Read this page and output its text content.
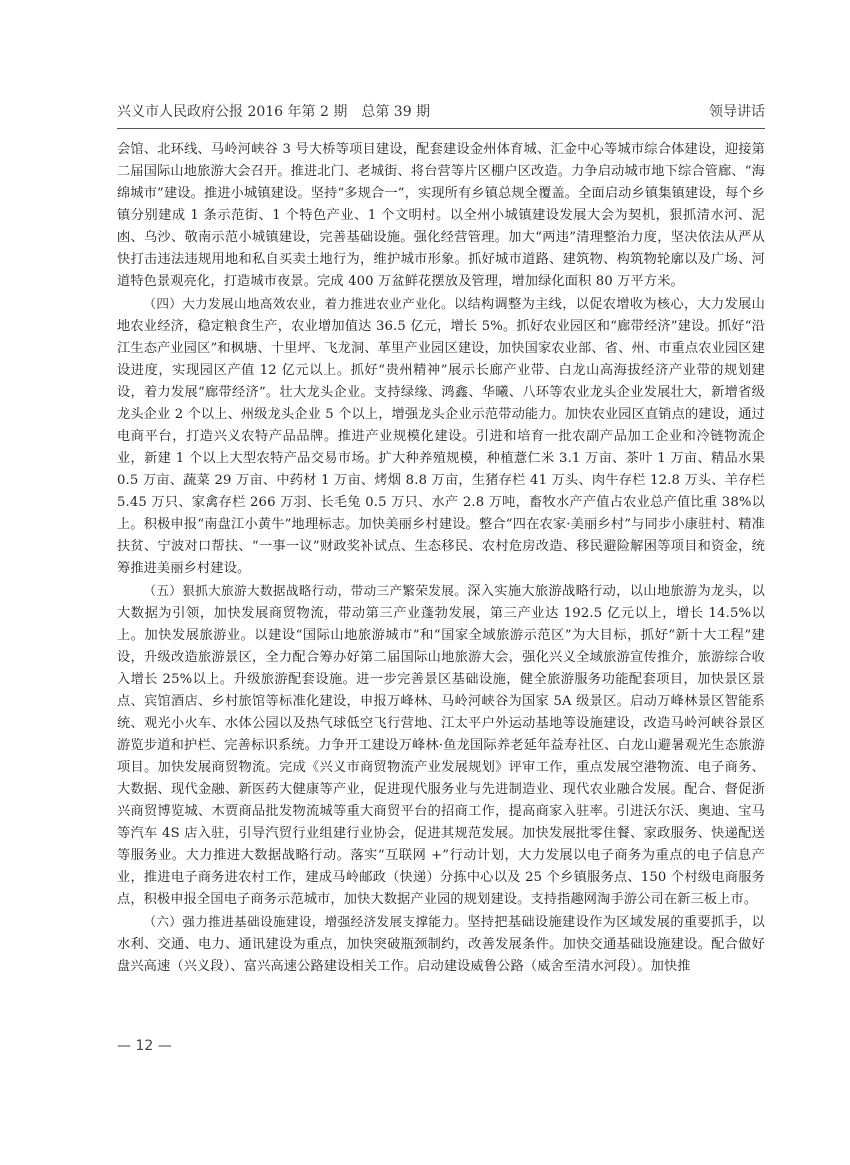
兴义市人民政府公报 2016 年第 2 期 总第 39 期	领导讲话

会馆、北环线、马岭河峡谷 3 号大桥等项目建设，配套建设金州体育城、汇金中心等城市综合体建设，迎接第二届国际山地旅游大会召开。推进北门、老城街、将台营等片区棚户区改造。力争启动城市地下综合管廊、“海绵城市”建设。推进小城镇建设。坚持“多规合一”，实现所有乡镇总规全覆盖。全面启动乡镇集镇建设，每个乡镇分别建成 1 条示范街、1 个特色产业、1 个文明村。以全州小城镇建设发展大会为契机，狠抓清水河、泥凼、乌沙、敬南示范小城镇建设，完善基础设施。强化经营管理。加大“两违”清理整治力度，坚决依法从严从快打击违法违规用地和私自买卖土地行为，维护城市形象。抓好城市道路、建筑物、构筑物轮廓以及广场、河道特色景观亮化，打造城市夜景。完成 400 万盆鲜花摆放及管理，增加绿化面积 80 万平方米。

（四）大力发展山地高效农业，着力推进农业产业化。以结构调整为主线，以促农增收为核心，大力发展山地农业经济，稳定粮食生产，农业增加值达 36.5 亿元，增长 5%。抓好农业园区和“廊带经济”建设。抓好“沿江生态产业园区”和枫塘、十里坪、飞龙洞、革里产业园区建设，加快国家农业部、省、州、市重点农业园区建设进度，实现园区产值 12 亿元以上。抓好“贵州精神”展示长廊产业带、白龙山高海拔经济产业带的规划建设，着力发展“廊带经济”。壮大龙头企业。支持绿缘、鸿鑫、华曦、八环等农业龙头企业发展壮大，新增省级龙头企业 2 个以上、州级龙头企业 5 个以上，增强龙头企业示范带动能力。加快农业园区直销点的建设，通过电商平台，打造兴义农特产品品牌。推进产业规模化建设。引进和培育一批农副产品加工企业和冷链物流企业，新建 1 个以上大型农特产品交易市场。扩大种养殖规模，种植薏仁米 3.1 万亩、茶叶 1 万亩、精品水果 0.5 万亩、蔬菜 29 万亩、中药材 1 万亩、烤烟 8.8 万亩，生猪存栏 41 万头、肉牛存栏 12.8 万头、羊存栏 5.45 万只、家禽存栏 266 万羽、长毛兔 0.5 万只、水产 2.8 万吨，畜牧水产产值占农业总产值比重 38%以上。积极申报“南盘江小黄牛”地理标志。加快美丽乡村建设。整合“四在农家·美丽乡村”与同步小康驻村、精准扶贫、宁波对口帮扶、“一事一议”财政奖补试点、生态移民、农村危房改造、移民避险解困等项目和资金，统筹推进美丽乡村建设。

（五）狠抓大旅游大数据战略行动，带动三产繁荣发展。深入实施大旅游战略行动，以山地旅游为龙头，以大数据为引领，加快发展商贸物流，带动第三产业蓬勃发展，第三产业达 192.5 亿元以上，增长 14.5%以上。加快发展旅游业。以建设“国际山地旅游城市”和“国家全域旅游示范区”为大目标，抓好“新十大工程”建设，升级改造旅游景区，全力配合筹办好第二届国际山地旅游大会，强化兴义全域旅游宣传推介，旅游综合收入增长 25%以上。升级旅游配套设施。进一步完善景区基础设施，健全旅游服务功能配套项目，加快景区景点、宾馆酒店、乡村旅馆等标准化建设，申报万峰林、马岭河峡谷为国家 5A 级景区。启动万峰林景区智能系统、观光小火车、水体公园以及热气球低空飞行营地、江太平户外运动基地等设施建设，改造马岭河峡谷景区游览步道和护栏、完善标识系统。力争开工建设万峰林·鱼龙国际养老延年益寿社区、白龙山避暑观光生态旅游项目。加快发展商贸物流。完成《兴义市商贸物流产业发展规划》评审工作，重点发展空港物流、电子商务、大数据、现代金融、新医药大健康等产业，促进现代服务业与先进制造业、现代农业融合发展。配合、督促浙兴商贸博览城、木贾商品批发物流城等重大商贸平台的招商工作，提高商家入驻率。引进沃尔沃、奥迪、宝马等汽车 4S 店入驻，引导汽贸行业组建行业协会，促进其规范发展。加快发展批零住餐、家政服务、快递配送等服务业。大力推进大数据战略行动。落实“互联网 +”行动计划，大力发展以电子商务为重点的电子信息产业，推进电子商务进农村工作，建成马岭邮政（快递）分拣中心以及 25 个乡镇服务点、150 个村级电商服务点，积极申报全国电子商务示范城市，加快大数据产业园的规划建设。支持指趣网淘手游公司在新三板上市。

（六）强力推进基础设施建设，增强经济发展支撑能力。坚持把基础设施建设作为区域发展的重要抓手，以水利、交通、电力、通讯建设为重点，加快突破瓶颈制约，改善发展条件。加快交通基础设施建设。配合做好盘兴高速（兴义段）、富兴高速公路建设相关工作。启动建设威鲁公路（威舍至清水河段）。加快推

— 12 —
